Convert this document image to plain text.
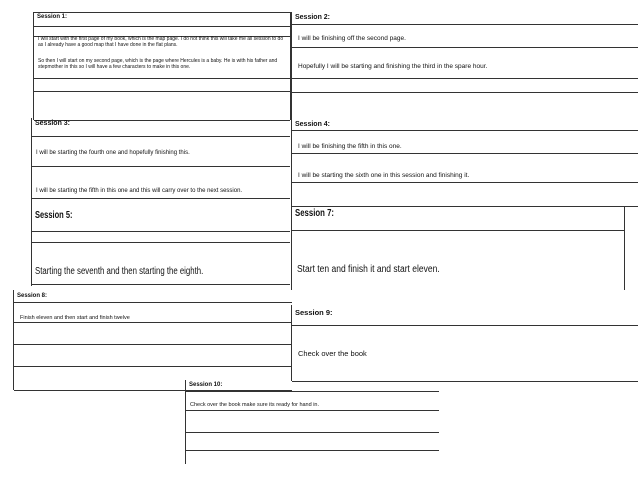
Session 1:
I will start with the first page of my book, which is the map page. I do not think this will take me all session to do as I already have a good map that I have done in the flat plans.
So then I will start on my second page, which is the page where Hercules is a baby. He is with his father and stepmother in this so I will have a few characters to make in this one.
Session 2:
I will be finishing off the second page.
Hopefully I will be starting and finishing the third in the spare hour.
Session 3:
I will be starting the fourth one and hopefully finishing this.
I will be starting the fifth in this one and this will carry over to the next session.
Session 4:
I will be finishing the fifth in this one.
I will be starting the sixth one in this session and finishing it.
Session 5:
Starting the seventh and then starting the eighth.
Session 7:
Start ten and finish it and start eleven.
Session 8:
Finish eleven and then start and finish twelve
Session 9:
Check over the book
Session 10:
Check over the book make sure its ready for hand in.
